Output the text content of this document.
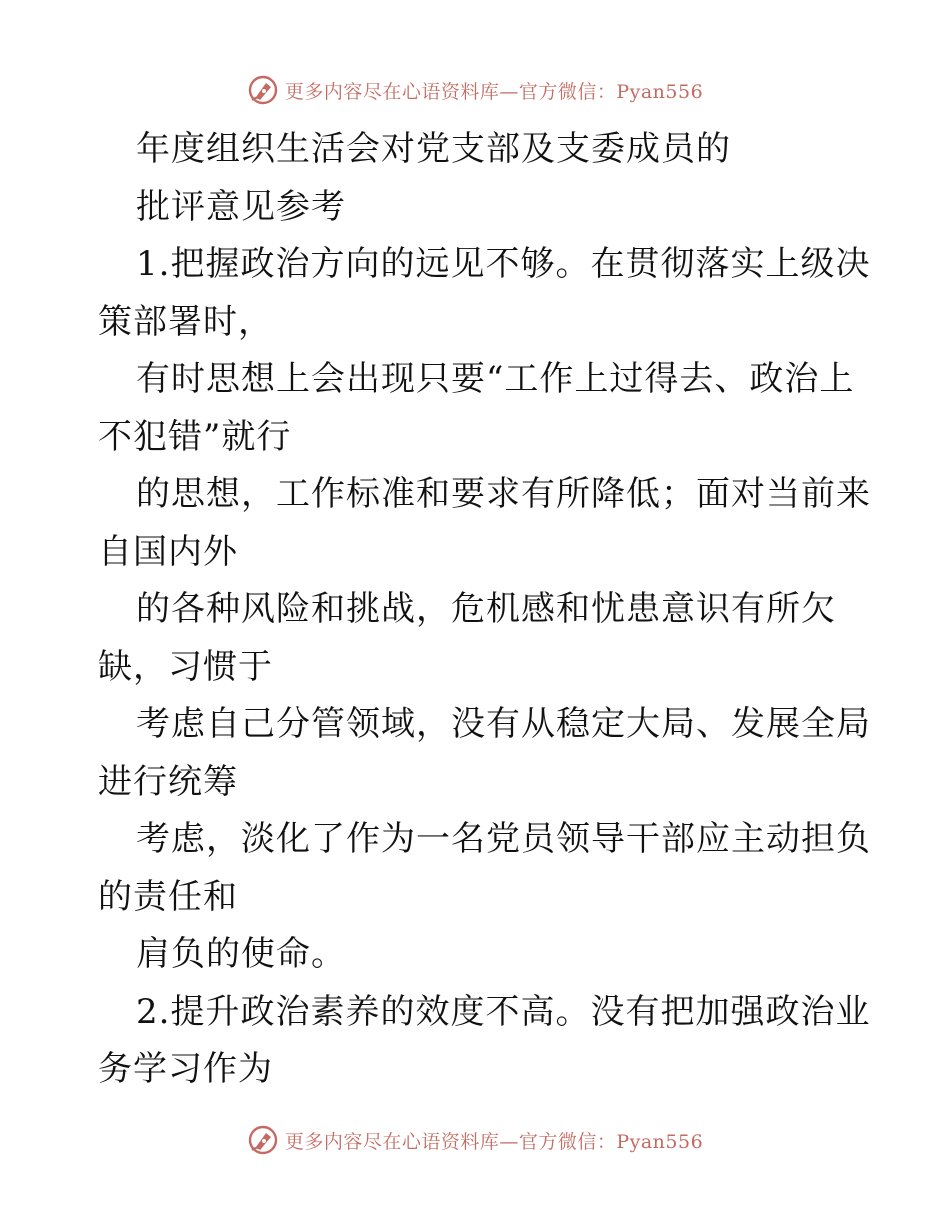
更多内容尽在心语资料库—官方微信：Pyan556
年度组织生活会对党支部及支委成员的
批评意见参考
1.把握政治方向的远见不够。在贯彻落实上级决
策部署时，
有时思想上会出现只要“工作上过得去、政治上
不犯错”就行
的思想，工作标准和要求有所降低；面对当前来
自国内外
的各种风险和挑战，危机感和忧患意识有所欠
缺，习惯于
考虑自己分管领域，没有从稳定大局、发展全局
进行统筹
考虑，淡化了作为一名党员领导干部应主动担负
的责任和
肩负的使命。
2.提升政治素养的效度不高。没有把加强政治业
务学习作为
更多内容尽在心语资料库—官方微信：Pyan556
